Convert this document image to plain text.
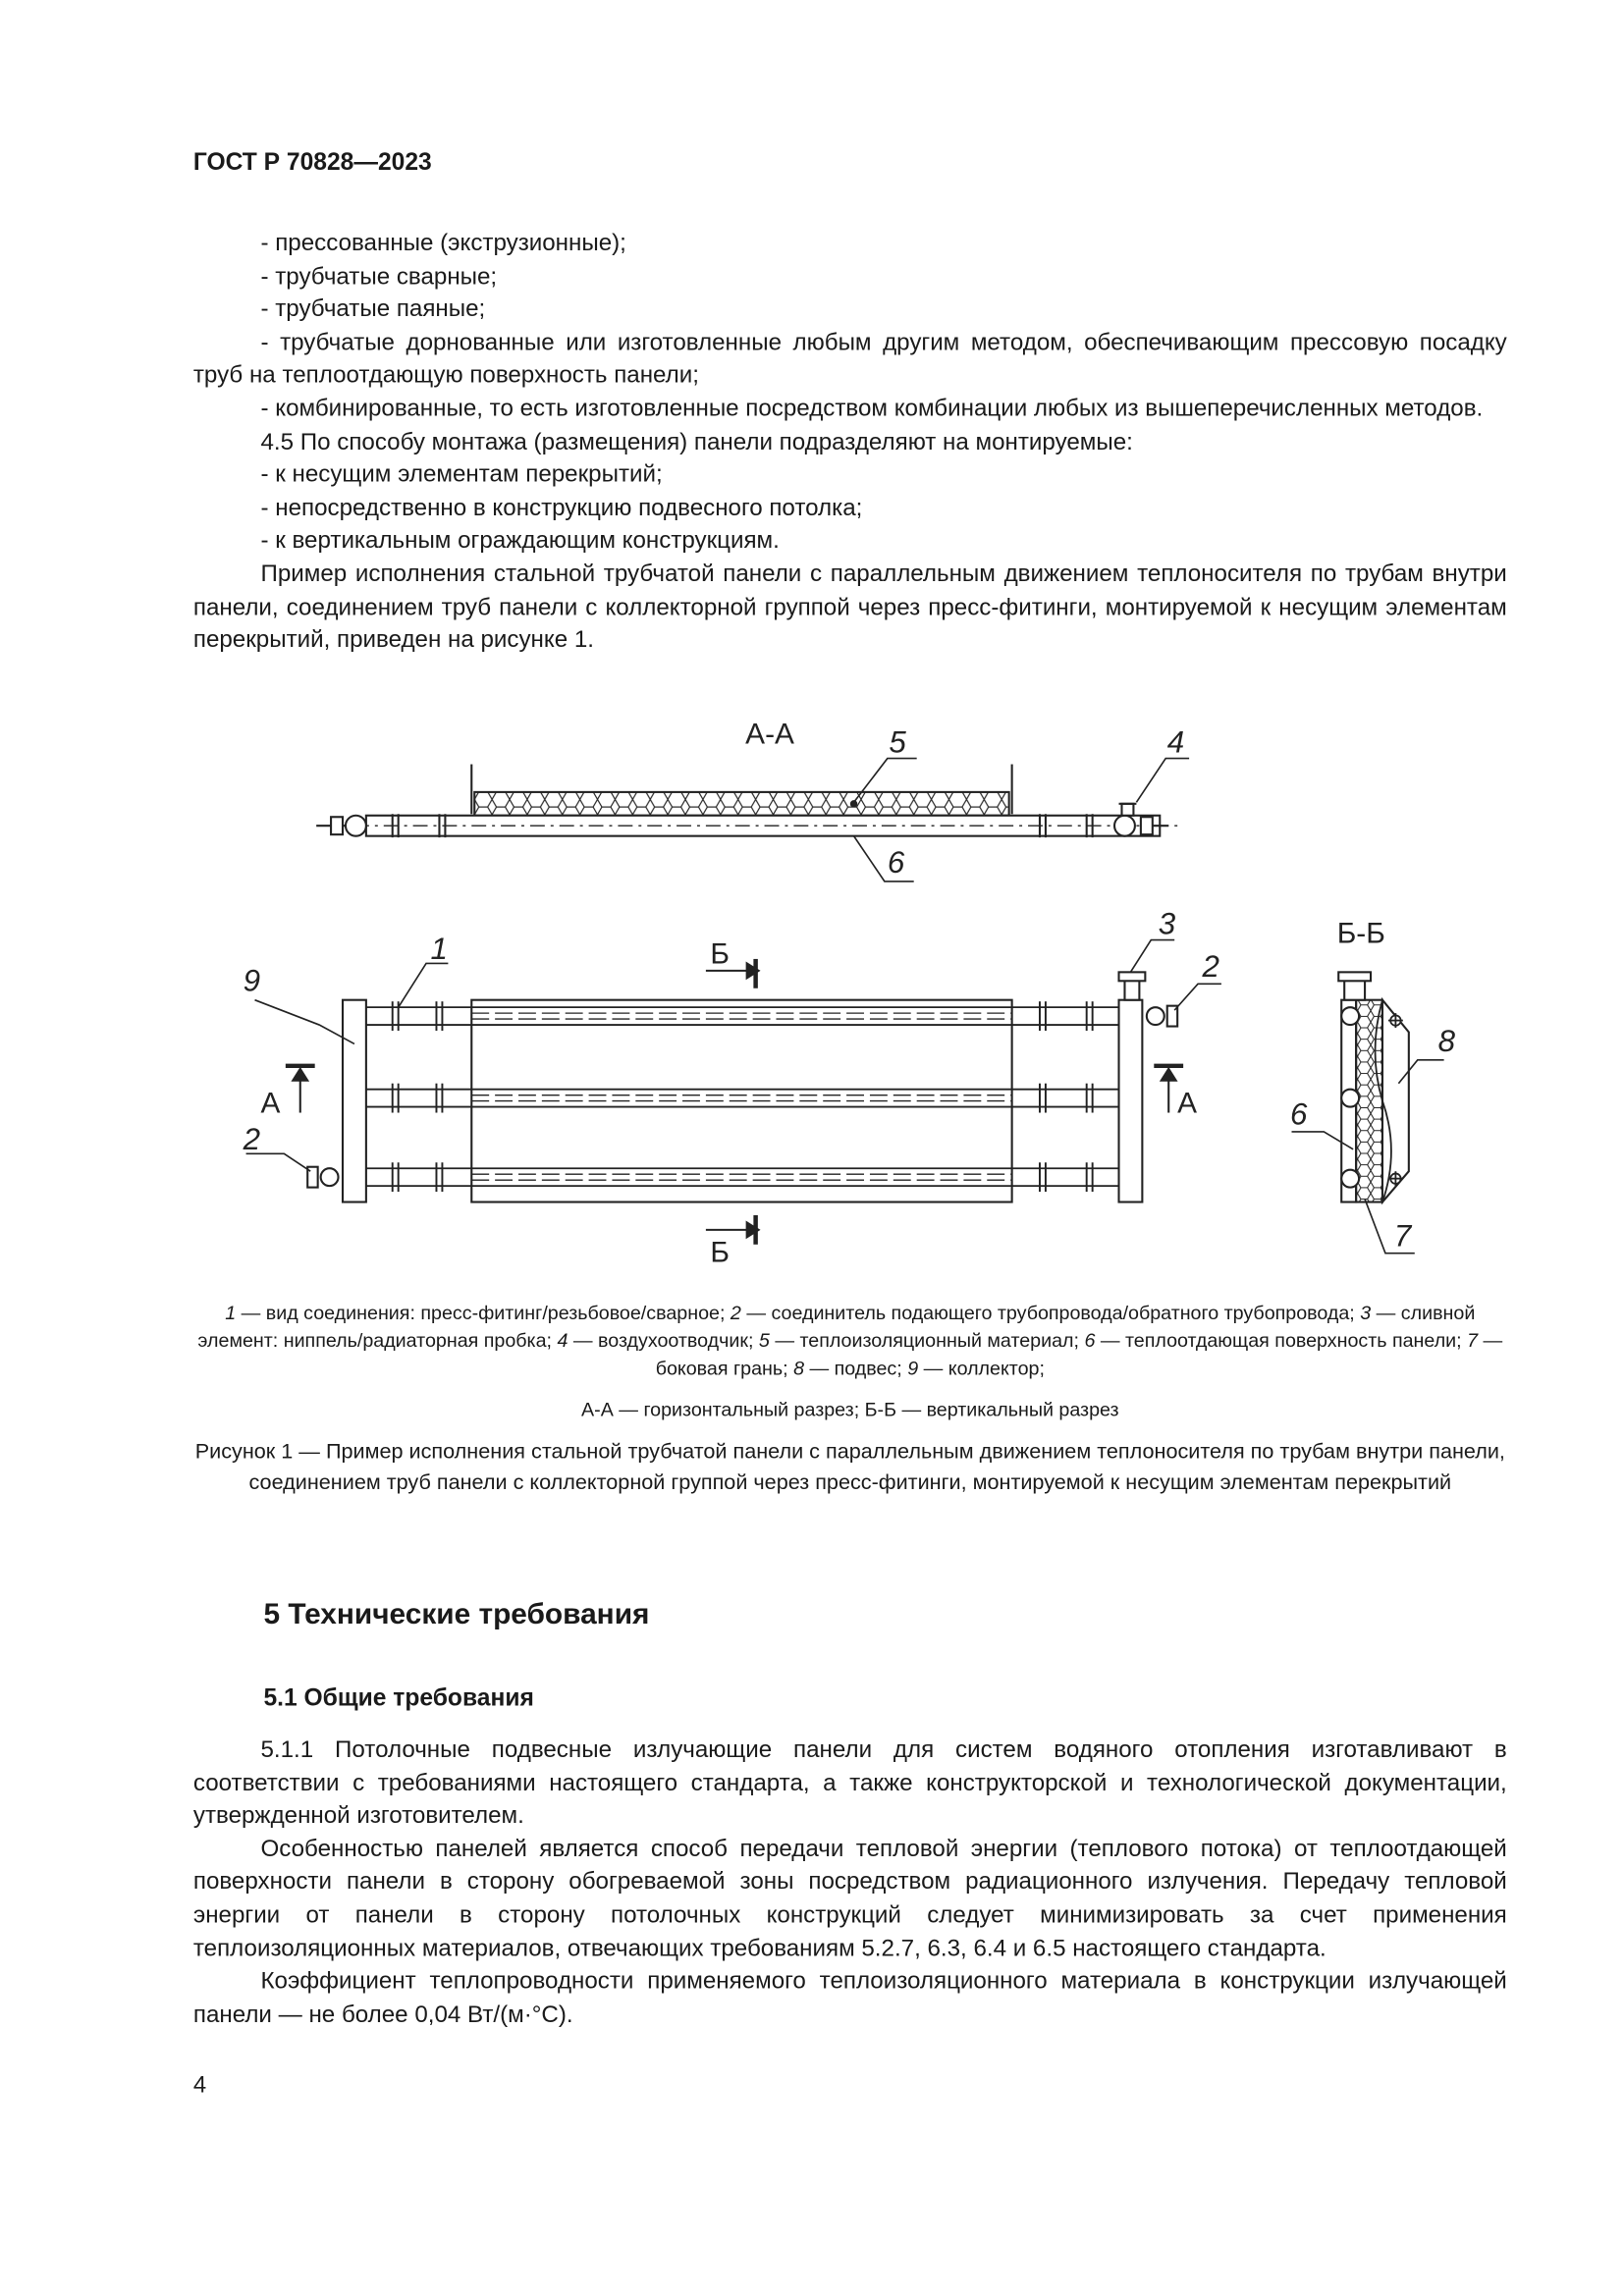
ГОСТ Р 70828—2023

- прессованные (экструзионные);

- трубчатые сварные;

- трубчатые паяные;

- трубчатые дорнованные или изготовленные любым другим методом, обеспечивающим прессовую посадку труб на теплоотдающую поверхность панели;

- комбинированные, то есть изготовленные посредством комбинации любых из вышеперечисленных методов.

4.5 По способу монтажа (размещения) панели подразделяют на монтируемые:

- к несущим элементам перекрытий;

- непосредственно в конструкцию подвесного потолка;

- к вертикальным ограждающим конструкциям.

Пример исполнения стальной трубчатой панели с параллельным движением теплоносителя по трубам внутри панели, соединением труб панели с коллекторной группой через пресс-фитинги, монтируемой к несущим элементам перекрытий, приведен на рисунке 1.

А-А
Б-Б
Б
Б
А	А
5	4
6
1
9
3
2
2
8
6
7
1 — вид соединения: пресс-фитинг/резьбовое/сварное; 2 — соединитель подающего трубопровода/обратного трубопровода; 3 — сливной элемент: ниппель/радиаторная пробка; 4 — воздухоотводчик; 5 — теплоизоляционный материал; 6 — теплоотдающая поверхность панели; 7 — боковая грань; 8 — подвес; 9 — коллектор;
А-А — горизонтальный разрез; Б-Б — вертикальный разрез
Рисунок 1 — Пример исполнения стальной трубчатой панели с параллельным движением теплоносителя по трубам внутри панели, соединением труб панели с коллекторной группой через пресс-фитинги, монтируемой к несущим элементам перекрытий
5 Технические требования
5.1 Общие требования

5.1.1 Потолочные подвесные излучающие панели для систем водяного отопления изготавливают в соответствии с требованиями настоящего стандарта, а также конструкторской и технологической документации, утвержденной изготовителем.

Особенностью панелей является способ передачи тепловой энергии (теплового потока) от теплоотдающей поверхности панели в сторону обогреваемой зоны посредством радиационного излучения. Передачу тепловой энергии от панели в сторону потолочных конструкций следует минимизировать за счет применения теплоизоляционных материалов, отвечающих требованиям 5.2.7, 6.3, 6.4 и 6.5 настоящего стандарта.

Коэффициент теплопроводности применяемого теплоизоляционного материала в конструкции излучающей панели — не более 0,04 Вт/(м·°С).

4
